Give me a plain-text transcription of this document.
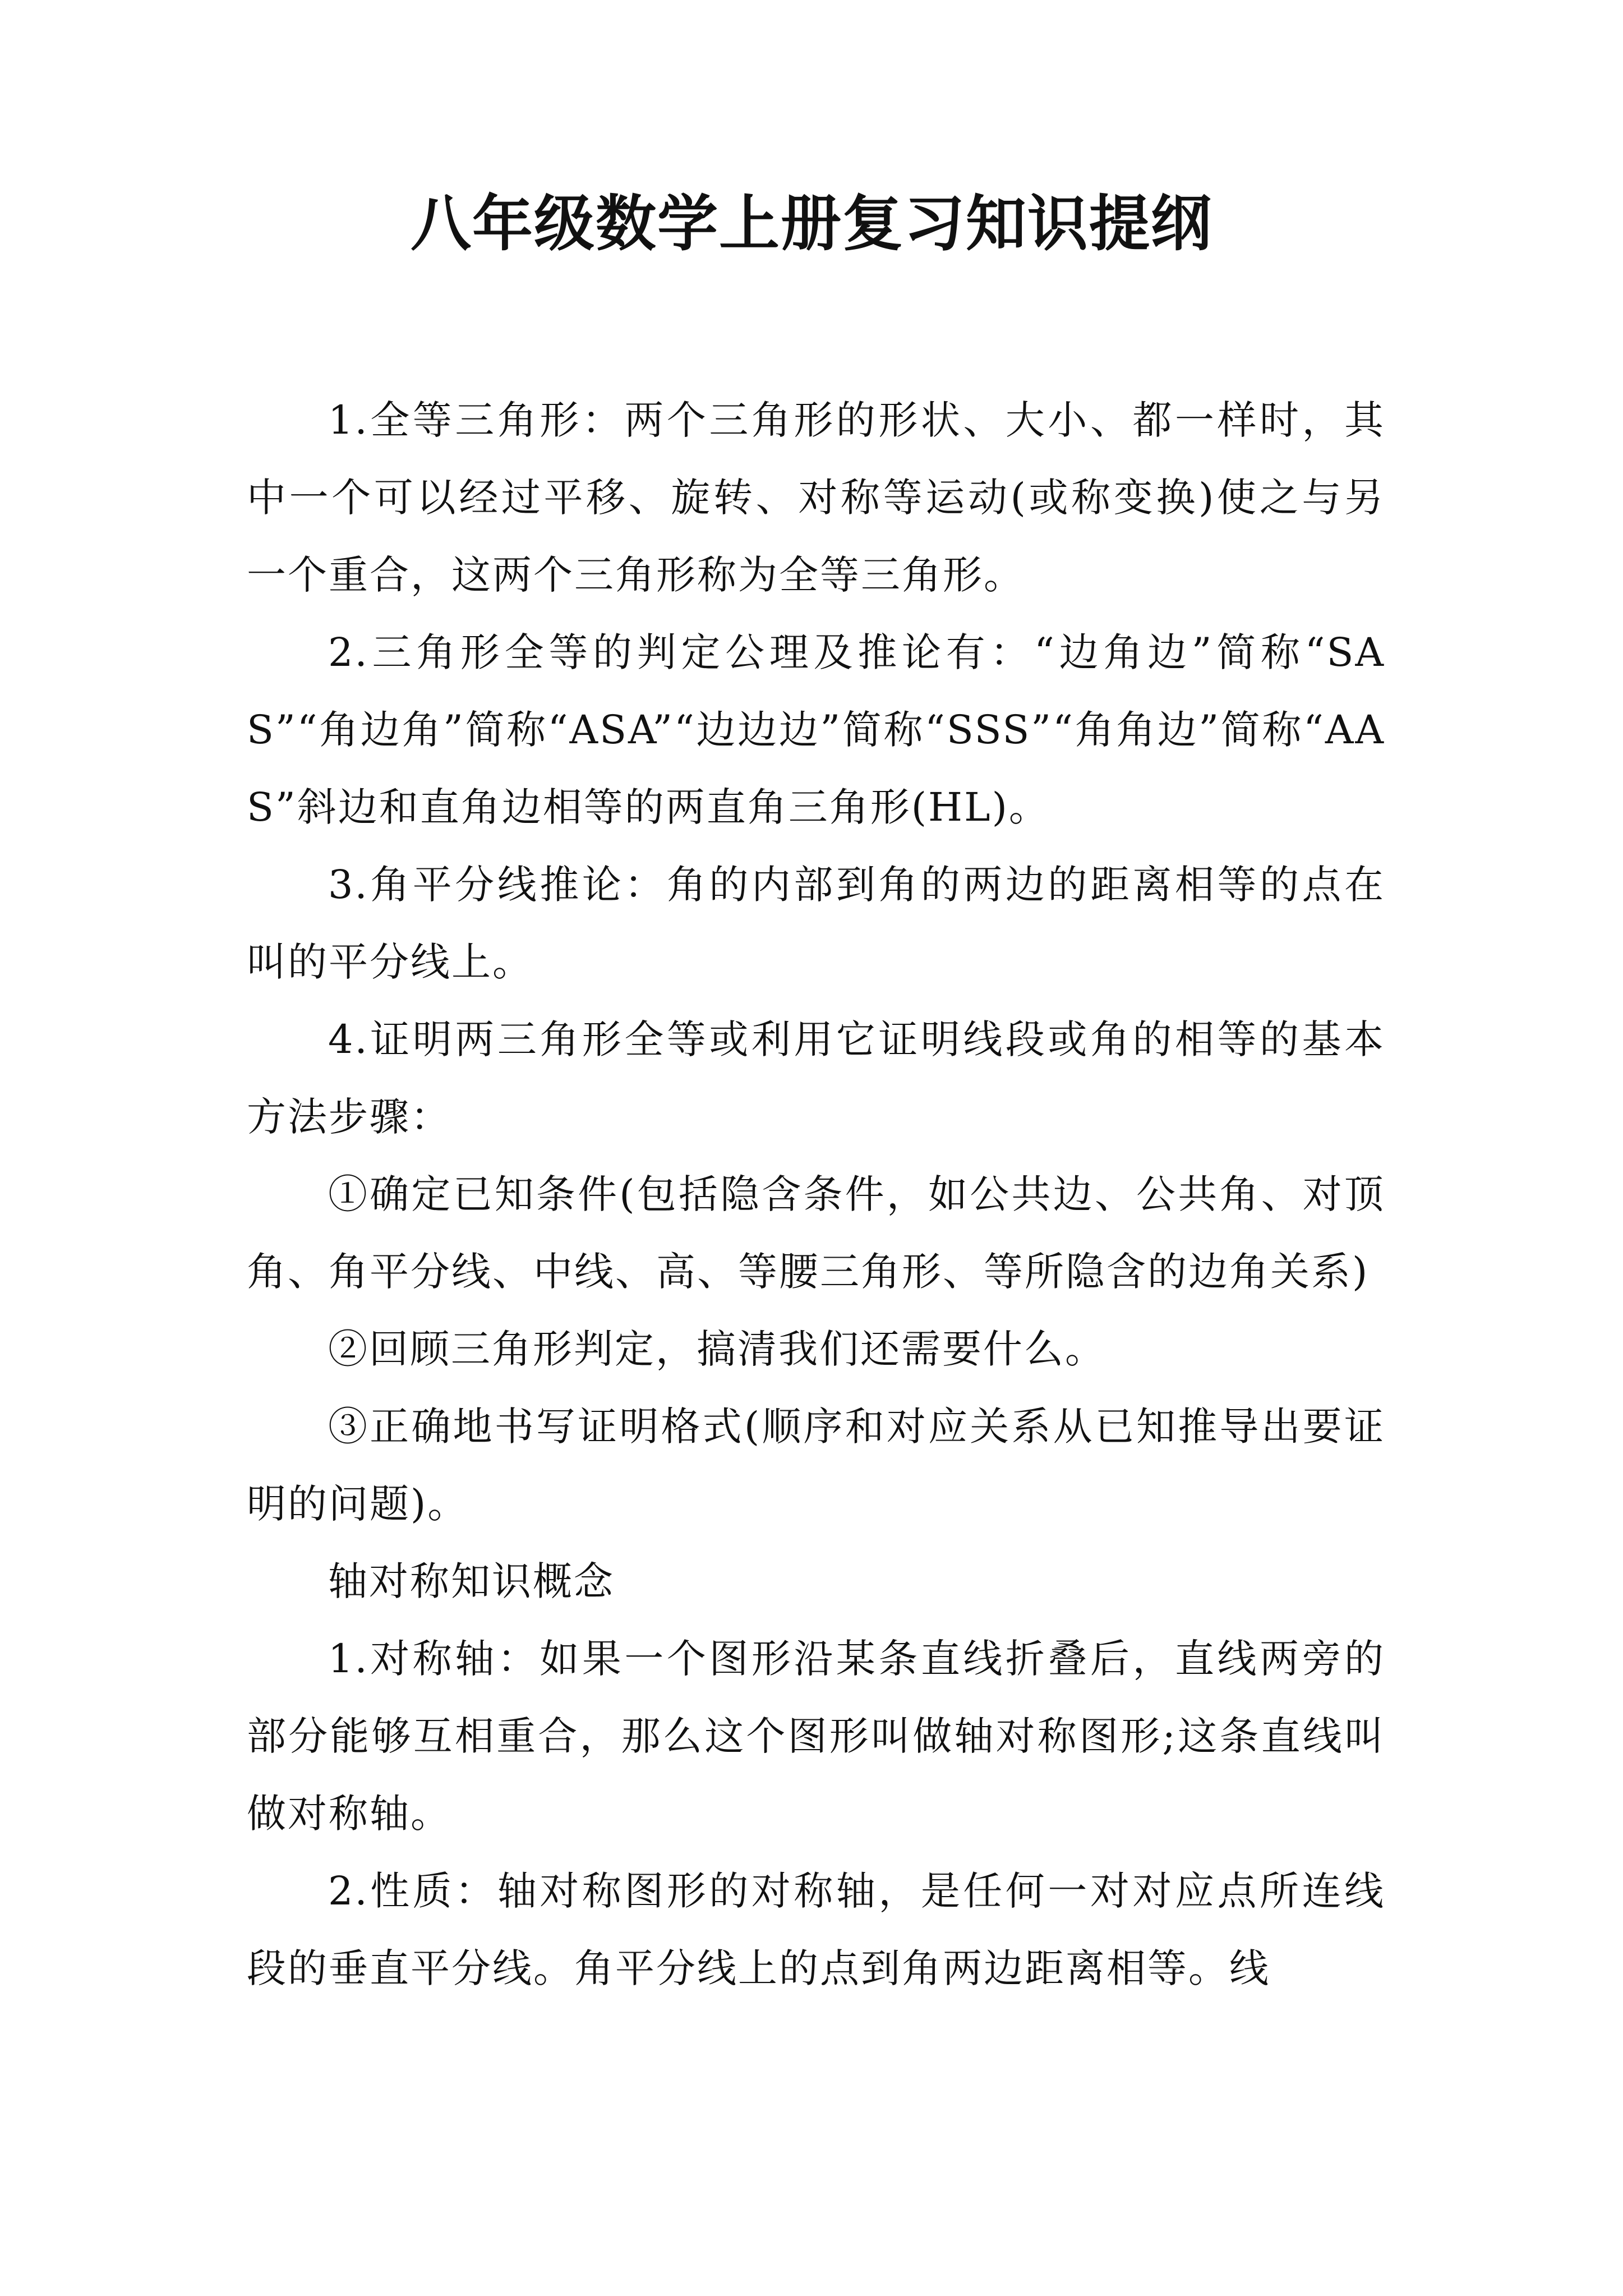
八年级数学上册复习知识提纲

1.全等三角形：两个三角形的形状、大小、都一样时，其中一个可以经过平移、旋转、对称等运动(或称变换)使之与另一个重合，这两个三角形称为全等三角形。

2.三角形全等的判定公理及推论有：“边角边”简称“SAS”“角边角”简称“ASA”“边边边”简称“SSS”“角角边”简称“AAS”斜边和直角边相等的两直角三角形(HL)。

3.角平分线推论：角的内部到角的两边的距离相等的点在叫的平分线上。

4.证明两三角形全等或利用它证明线段或角的相等的基本方法步骤：

①确定已知条件(包括隐含条件，如公共边、公共角、对顶角、角平分线、中线、高、等腰三角形、等所隐含的边角关系)

②回顾三角形判定，搞清我们还需要什么。

③正确地书写证明格式(顺序和对应关系从已知推导出要证明的问题)。

轴对称知识概念

1.对称轴：如果一个图形沿某条直线折叠后，直线两旁的部分能够互相重合，那么这个图形叫做轴对称图形;这条直线叫做对称轴。

2.性质：轴对称图形的对称轴，是任何一对对应点所连线段的垂直平分线。角平分线上的点到角两边距离相等。线
